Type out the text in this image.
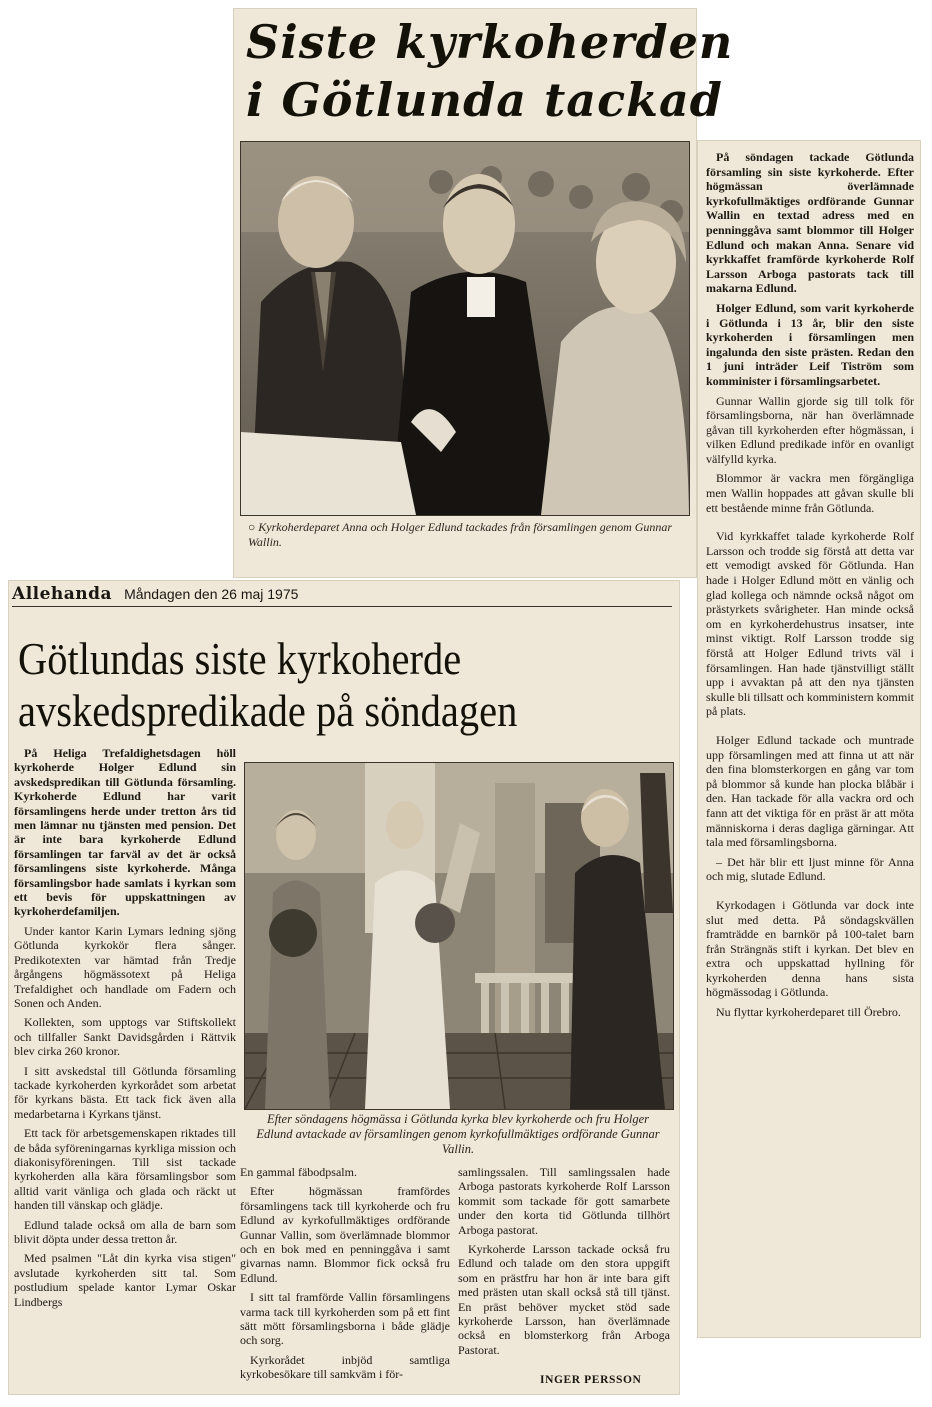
Siste kyrkoherden
i Götlunda tackad
○ Kyrkoherdeparet Anna och Holger Edlund tackades från församlingen genom Gunnar Wallin.

På söndagen tackade Götlunda församling sin siste kyrkoherde. Efter högmässan överlämnade kyrkofullmäktiges ordförande Gunnar Wallin en textad adress med en penninggåva samt blommor till Holger Edlund och makan Anna. Senare vid kyrkkaffet framförde kyrkoherde Rolf Larsson Arboga pastorats tack till makarna Edlund.

Holger Edlund, som varit kyrkoherde i Götlunda i 13 år, blir den siste kyrkoherden i församlingen men ingalunda den siste prästen. Redan den 1 juni inträder Leif Tiström som komminister i församlingsarbetet.

Gunnar Wallin gjorde sig till tolk för församlingsborna, när han överlämnade gåvan till kyrkoherden efter högmässan, i vilken Edlund predikade inför en ovanligt välfylld kyrka.

Blommor är vackra men förgängliga men Wallin hoppades att gåvan skulle bli ett bestående minne från Götlunda.

Vid kyrkkaffet talade kyrkoherde Rolf Larsson och trodde sig förstå att detta var ett vemodigt avsked för Götlunda. Han hade i Holger Edlund mött en vänlig och glad kollega och nämnde också något om prästyrkets svårigheter. Han minde också om en kyrkoherdehustrus insatser, inte minst viktigt. Rolf Larsson trodde sig förstå att Holger Edlund trivts väl i församlingen. Han hade tjänstvilligt ställt upp i avvaktan på att den nya tjänsten skulle bli tillsatt och komministern kommit på plats.

Holger Edlund tackade och muntrade upp församlingen med att finna ut att när den fina blomsterkorgen en gång var tom på blommor så kunde han plocka blåbär i den. Han tackade för alla vackra ord och fann att det viktiga för en präst är att möta människorna i deras dagliga gärningar. Att tala med församlingsborna.

– Det här blir ett ljust minne för Anna och mig, slutade Edlund.

Kyrkodagen i Götlunda var dock inte slut med detta. På söndagskvällen framträdde en barnkör på 100-talet barn från Strängnäs stift i kyrkan. Det blev en extra och uppskattad hyllning för kyrkoherden denna hans sista högmässodag i Götlunda.

Nu flyttar kyrkoherdeparet till Örebro.

Allehanda Måndagen den 26 maj 1975
Götlundas siste kyrkoherde
avskedspredikade på söndagen

På Heliga Trefaldighetsdagen höll kyrkoherde Holger Edlund sin avskedspredikan till Götlunda församling. Kyrkoherde Edlund har varit församlingens herde under tretton års tid men lämnar nu tjänsten med pension. Det är inte bara kyrkoherde Edlund församlingen tar farväl av det är också församlingens siste kyrkoherde. Många församlingsbor hade samlats i kyrkan som ett bevis för uppskattningen av kyrkoherdefamiljen.

Under kantor Karin Lymars ledning sjöng Götlunda kyrkokör flera sånger. Predikotexten var hämtad från Tredje årgångens högmässotext på Heliga Trefaldighet och handlade om Fadern och Sonen och Anden.

Kollekten, som upptogs var Stiftskollekt och tillfaller Sankt Davidsgården i Rättvik blev cirka 260 kronor.

I sitt avskedstal till Götlunda församling tackade kyrkoherden kyrkorådet som arbetat för kyrkans bästa. Ett tack fick även alla medarbetarna i Kyrkans tjänst.

Ett tack för arbetsgemenskapen riktades till de båda syföreningarnas kyrkliga mission och diakonisyföreningen. Till sist tackade kyrkoherden alla kära församlingsbor som alltid varit vänliga och glada och räckt ut handen till vänskap och glädje.

Edlund talade också om alla de barn som blivit döpta under dessa tretton år.

Med psalmen "Låt din kyrka visa stigen" avslutade kyrkoherden sitt tal. Som postludium spelade kantor Lymar Oskar Lindbergs

Efter söndagens högmässa i Götlunda kyrka blev kyrkoherde och fru Holger Edlund avtackade av församlingen genom kyrkofullmäktiges ordförande Gunnar Vallin.

En gammal fäbodpsalm.

Efter högmässan framfördes församlingens tack till kyrkoherde och fru Edlund av kyrkofullmäktiges ordförande Gunnar Vallin, som överlämnade blommor och en bok med en penninggåva i samt givarnas namn. Blommor fick också fru Edlund.

I sitt tal framförde Vallin församlingens varma tack till kyrkoherden som på ett fint sätt mött församlingsborna i både glädje och sorg.

Kyrkorådet inbjöd samtliga kyrkobesökare till samkväm i för-

samlingssalen. Till samlingssalen hade Arboga pastorats kyrkoherde Rolf Larsson kommit som tackade för gott samarbete under den korta tid Götlunda tillhört Arboga pastorat.

Kyrkoherde Larsson tackade också fru Edlund och talade om den stora uppgift som en prästfru har hon är inte bara gift med prästen utan skall också stå till tjänst. En präst behöver mycket stöd sade kyrkoherde Larsson, han överlämnade också en blomsterkorg från Arboga Pastorat.

INGER PERSSON
